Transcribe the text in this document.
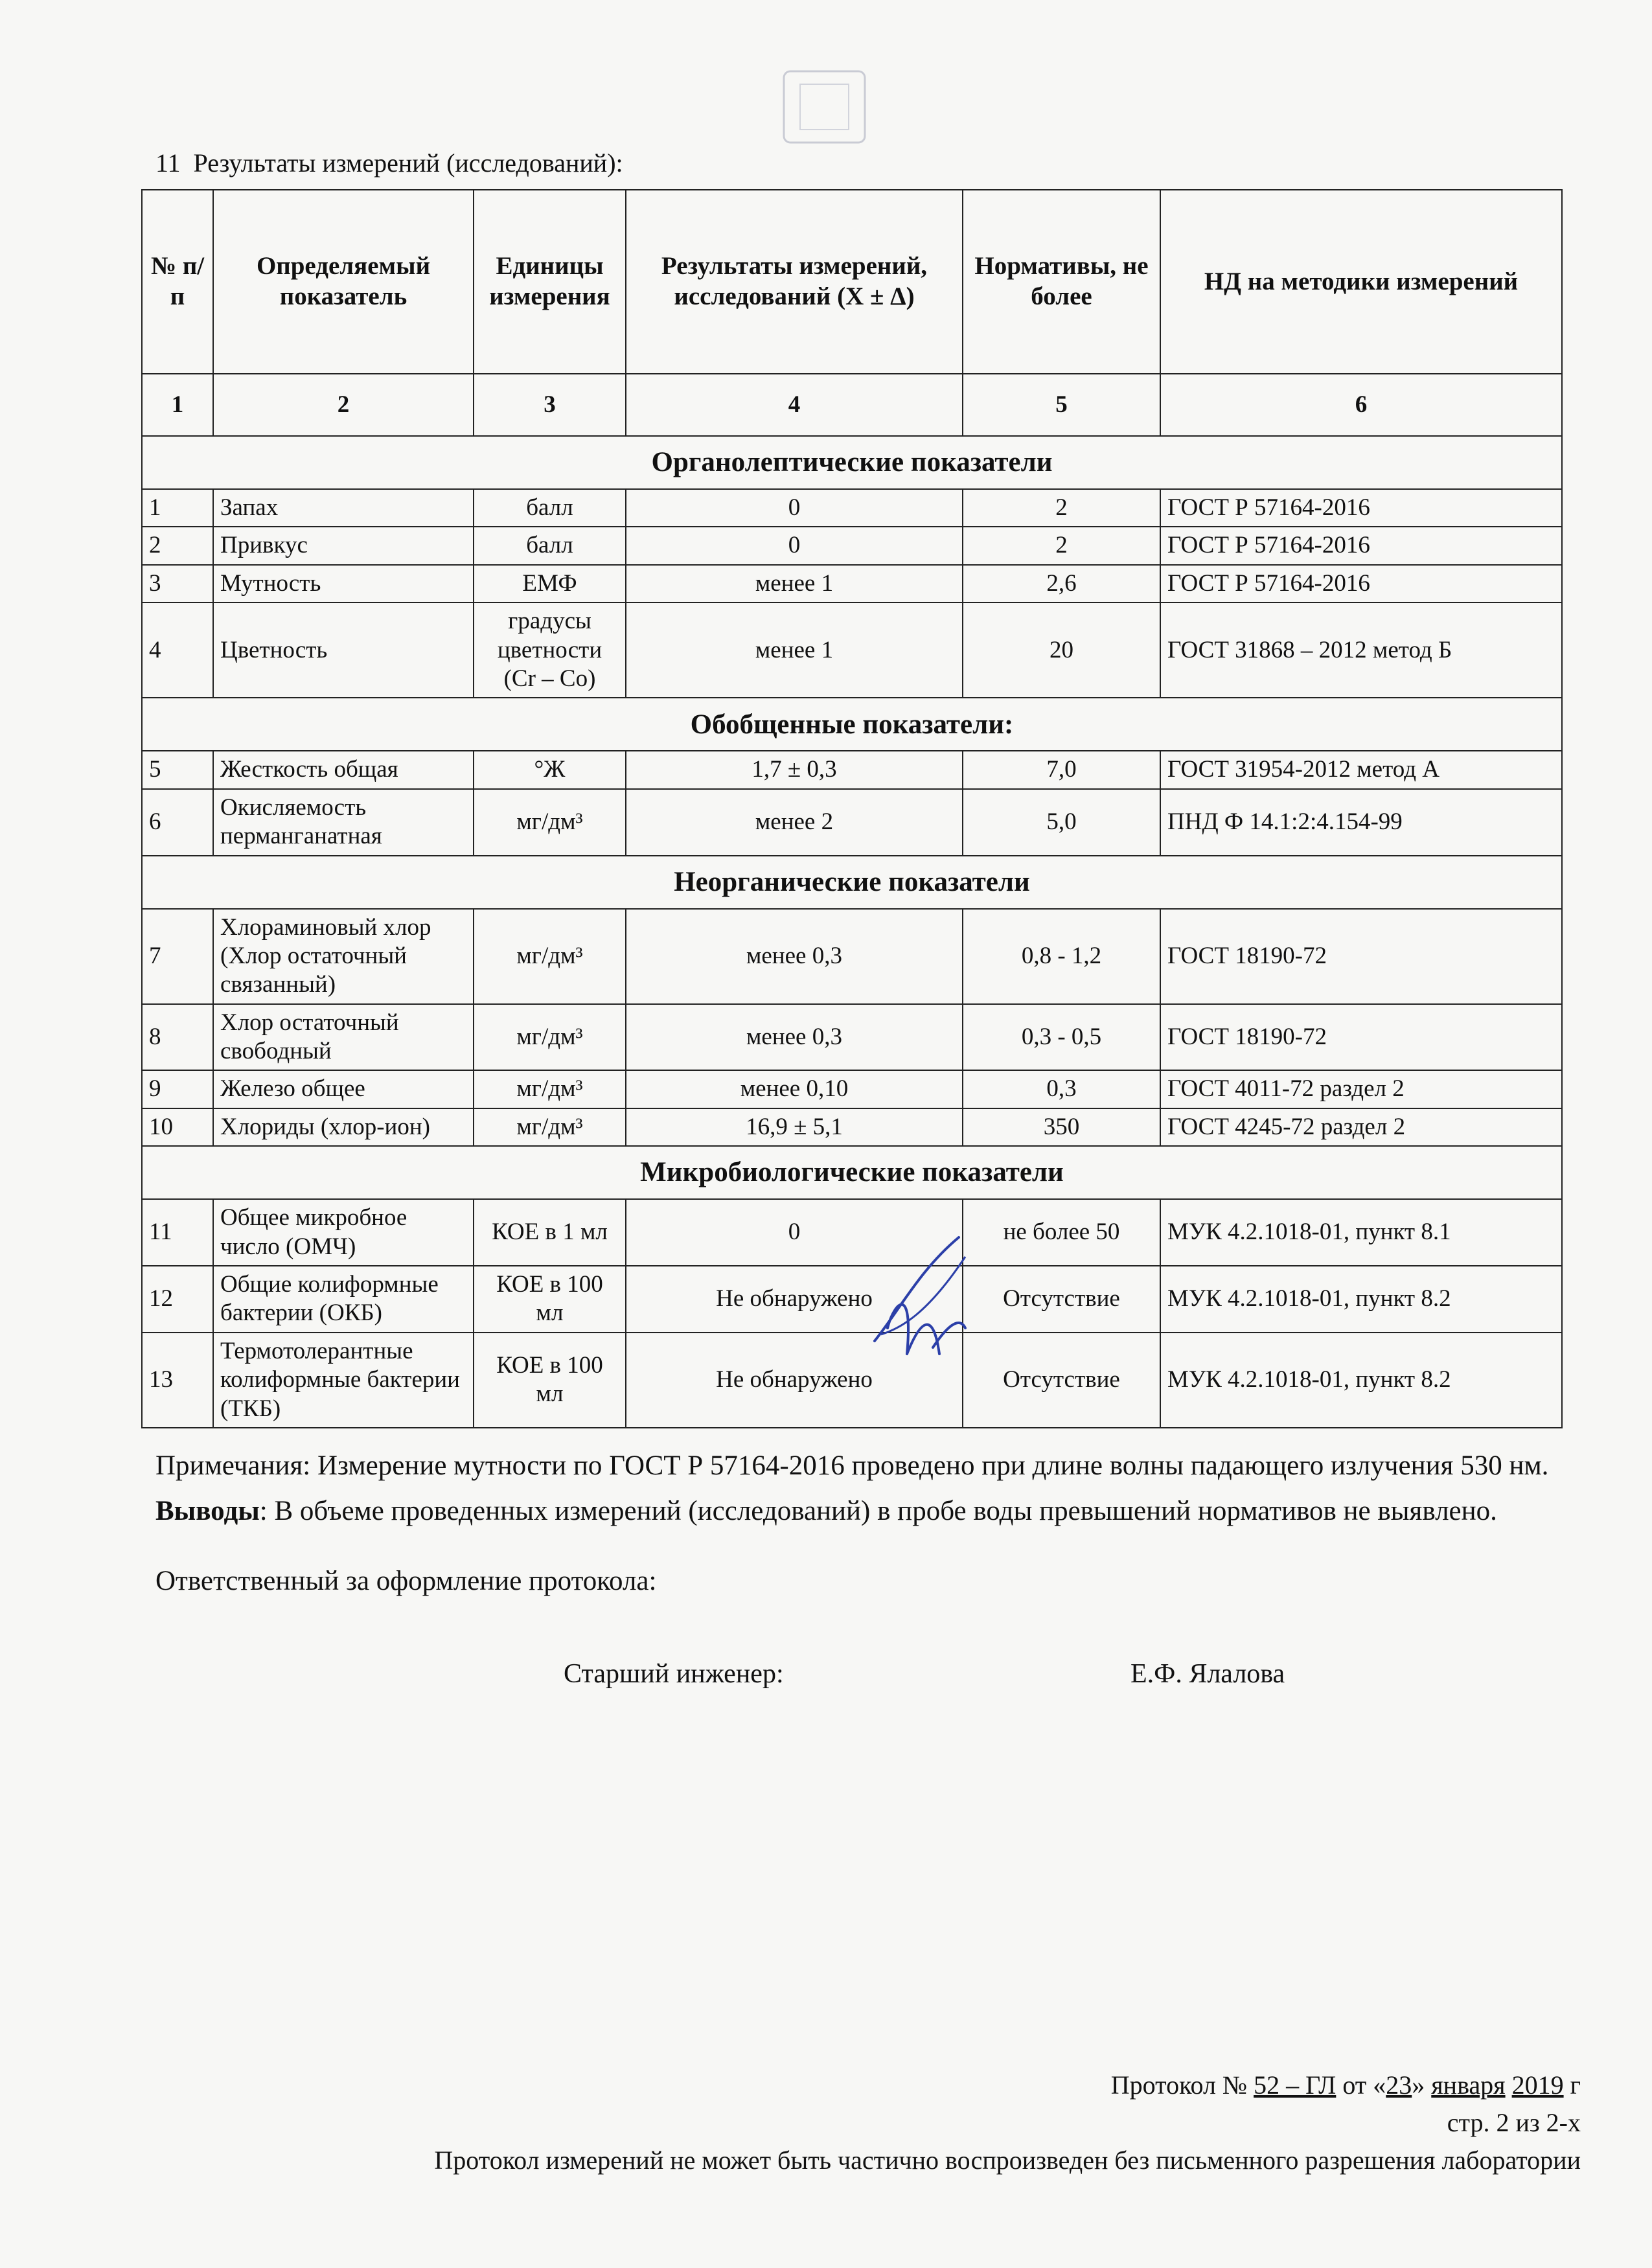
11 Результаты измерений (исследований):
№ п/п	Определяемый показатель	Единицы измерения	Результаты измерений, исследований (Х ± Δ)	Нормативы, не более	НД на методики измерений
1	2	3	4	5	6
Органолептические показатели					
1	Запах	балл	0	2	ГОСТ Р 57164-2016
2	Привкус	балл	0	2	ГОСТ Р 57164-2016
3	Мутность	ЕМФ	менее 1	2,6	ГОСТ Р 57164-2016
4	Цветность	градусы цветности (Cr – Co)	менее 1	20	ГОСТ 31868 – 2012 метод Б
Обобщенные показатели:					
5	Жесткость общая	°Ж	1,7 ± 0,3	7,0	ГОСТ 31954-2012 метод А
6	Окисляемость перманганатная	мг/дм³	менее 2	5,0	ПНД Ф 14.1:2:4.154-99
Неорганические показатели					
7	Хлораминовый хлор (Хлор остаточный связанный)	мг/дм³	менее 0,3	0,8 - 1,2	ГОСТ 18190-72
8	Хлор остаточный свободный	мг/дм³	менее 0,3	0,3 - 0,5	ГОСТ 18190-72
9	Железо общее	мг/дм³	менее 0,10	0,3	ГОСТ 4011-72 раздел 2
10	Хлориды (хлор-ион)	мг/дм³	16,9 ± 5,1	350	ГОСТ 4245-72 раздел 2
Микробиологические показатели					
11	Общее микробное число (ОМЧ)	КОЕ в 1 мл	0	не более 50	МУК 4.2.1018-01, пункт 8.1
12	Общие колиформные бактерии (ОКБ)	КОЕ в 100 мл	Не обнаружено	Отсутствие	МУК 4.2.1018-01, пункт 8.2
13	Термотолерантные колиформные бактерии (ТКБ)	КОЕ в 100 мл	Не обнаружено	Отсутствие	МУК 4.2.1018-01, пункт 8.2
Примечания: Измерение мутности по ГОСТ Р 57164-2016 проведено при длине волны падающего излучения 530 нм.
Выводы: В объеме проведенных измерений (исследований) в пробе воды превышений нормативов не выявлено.
Ответственный за оформление протокола:
Старший инженер:	Е.Ф. Ялалова
Протокол № 52 – ГЛ от «23» января 2019 г
стр. 2 из 2-х
Протокол измерений не может быть частично воспроизведен без письменного разрешения лаборатории
